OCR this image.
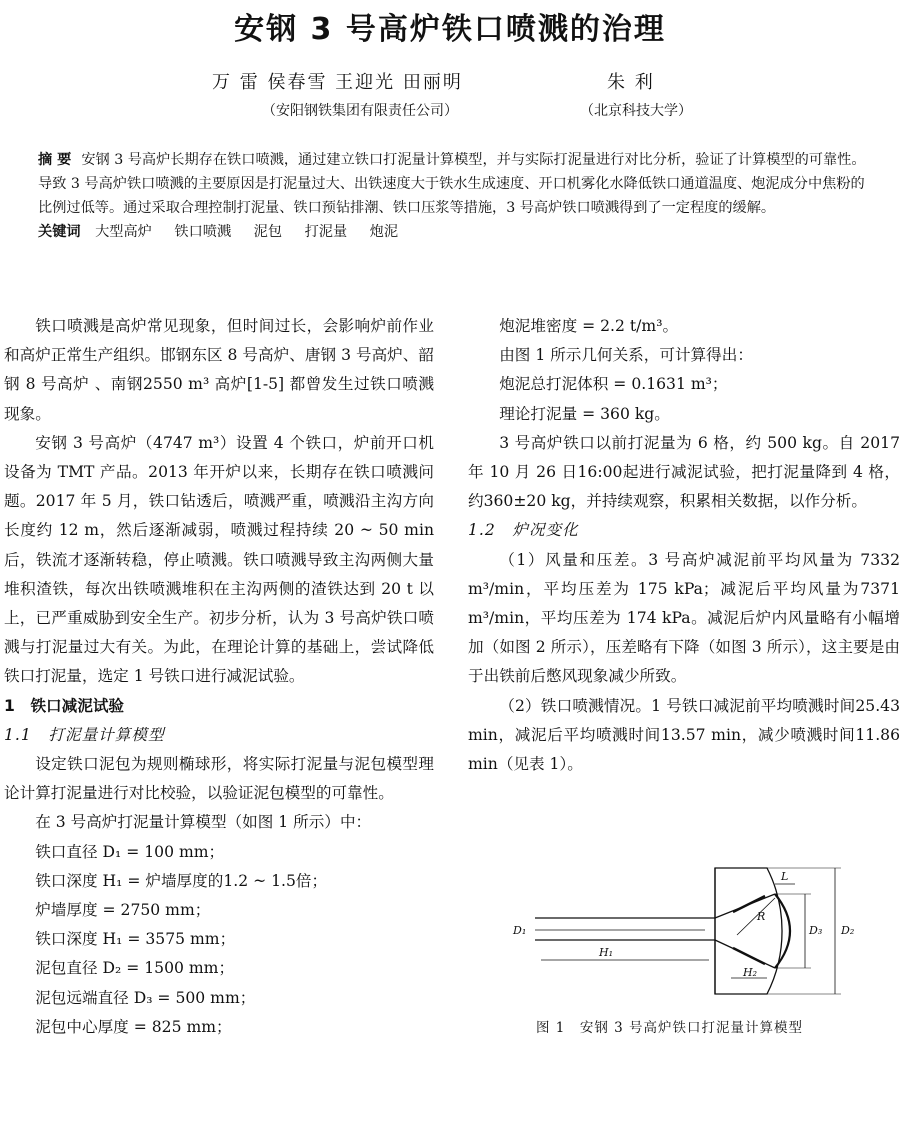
安钢 3 号高炉铁口喷溅的治理
万 雷 侯春雪 王迎光 田丽明	朱 利
（安阳钢铁集团有限责任公司）	（北京科技大学）
摘 要 安钢 3 号高炉长期存在铁口喷溅，通过建立铁口打泥量计算模型，并与实际打泥量进行对比分析，验证了计算模型的可靠性。导致 3 号高炉铁口喷溅的主要原因是打泥量过大、出铁速度大于铁水生成速度、开口机雾化水降低铁口通道温度、炮泥成分中焦粉的比例过低等。通过采取合理控制打泥量、铁口预钻排潮、铁口压浆等措施，3 号高炉铁口喷溅得到了一定程度的缓解。
关键词 大型高炉 铁口喷溅 泥包 打泥量 炮泥

铁口喷溅是高炉常见现象，但时间过长，会影响炉前作业和高炉正常生产组织。邯钢东区 8 号高炉、唐钢 3 号高炉、韶钢 8 号高炉 、南钢2550 m³ 高炉[1-5] 都曾发生过铁口喷溅现象。

安钢 3 号高炉（4747 m³）设置 4 个铁口，炉前开口机设备为 TMT 产品。2013 年开炉以来，长期存在铁口喷溅问题。2017 年 5 月，铁口钻透后，喷溅严重，喷溅沿主沟方向长度约 12 m，然后逐渐减弱，喷溅过程持续 20 ~ 50 min 后，铁流才逐渐转稳，停止喷溅。铁口喷溅导致主沟两侧大量堆积渣铁，每次出铁喷溅堆积在主沟两侧的渣铁达到 20 t 以上，已严重威胁到安全生产。初步分析，认为 3 号高炉铁口喷溅与打泥量过大有关。为此，在理论计算的基础上，尝试降低铁口打泥量，选定 1 号铁口进行减泥试验。

1　铁口减泥试验

1.1　打泥量计算模型

设定铁口泥包为规则椭球形，将实际打泥量与泥包模型理论计算打泥量进行对比校验，以验证泥包模型的可靠性。

在 3 号高炉打泥量计算模型（如图 1 所示）中：

铁口直径 D₁ = 100 mm；

铁口深度 H₁ = 炉墙厚度的1.2 ~ 1.5倍；

炉墙厚度 = 2750 mm；

铁口深度 H₁ = 3575 mm；

泥包直径 D₂ = 1500 mm；

泥包远端直径 D₃ = 500 mm；

泥包中心厚度 = 825 mm；

炮泥堆密度 = 2.2 t/m³。

由图 1 所示几何关系，可计算得出：

炮泥总打泥体积 = 0.1631 m³；

理论打泥量 = 360 kg。

3 号高炉铁口以前打泥量为 6 格，约 500 kg。自 2017 年 10 月 26 日16:00起进行减泥试验，把打泥量降到 4 格，约360±20 kg，并持续观察，积累相关数据，以作分析。

1.2　炉况变化

（1）风量和压差。3 号高炉减泥前平均风量为 7332 m³/min，平均压差为 175 kPa；减泥后平均风量为7371 m³/min，平均压差为 174 kPa。减泥后炉内风量略有小幅增加（如图 2 所示），压差略有下降（如图 3 所示），这主要是由于出铁前后憋风现象减少所致。

（2）铁口喷溅情况。1 号铁口减泥前平均喷溅时间25.43 min，减泥后平均喷溅时间13.57 min，减少喷溅时间11.86 min（见表 1）。

L
R
D₁
H₁
H₂
D₃ D₂
图 1　安钢 3 号高炉铁口打泥量计算模型
